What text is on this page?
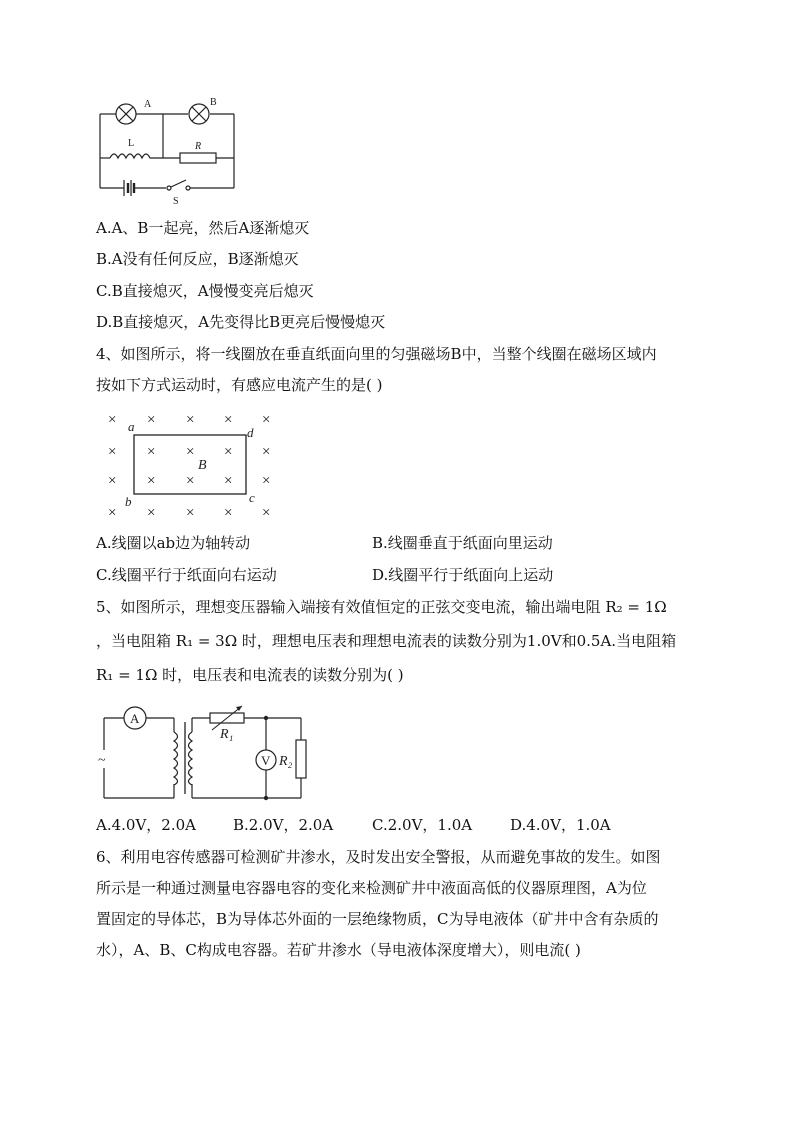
A	B
L	R
S
A.A、B一起亮，然后A逐渐熄灭
B.A没有任何反应，B逐渐熄灭
C.B直接熄灭，A慢慢变亮后熄灭
D.B直接熄灭，A先变得比B更亮后慢慢熄灭
4、如图所示，将一线圈放在垂直纸面向里的匀强磁场B中，当整个线圈在磁场区域内
按如下方式运动时，有感应电流产生的是( )
× × × × ×
× × × × ×
× × × × ×
× × × × ×
a	d
b	c
B
A.线圈以ab边为轴转动	B.线圈垂直于纸面向里运动
C.线圈平行于纸面向右运动	D.线圈平行于纸面向上运动
5、如图所示，理想变压器输入端接有效值恒定的正弦交变电流，输出端电阻 R₂ = 1Ω
，当电阻箱 R₁ = 3Ω 时，理想电压表和理想电流表的读数分别为1.0V和0.5A.当电阻箱
R₁ = 1Ω 时，电压表和电流表的读数分别为( )
~
A
R₁
V R₂
A.4.0V，2.0A B.2.0V，2.0A	C.2.0V，1.0A	D.4.0V，1.0A
6、利用电容传感器可检测矿井渗水，及时发出安全警报，从而避免事故的发生。如图
所示是一种通过测量电容器电容的变化来检测矿井中液面高低的仪器原理图，A为位
置固定的导体芯，B为导体芯外面的一层绝缘物质，C为导电液体（矿井中含有杂质的
水），A、B、C构成电容器。若矿井渗水（导电液体深度增大），则电流( )
